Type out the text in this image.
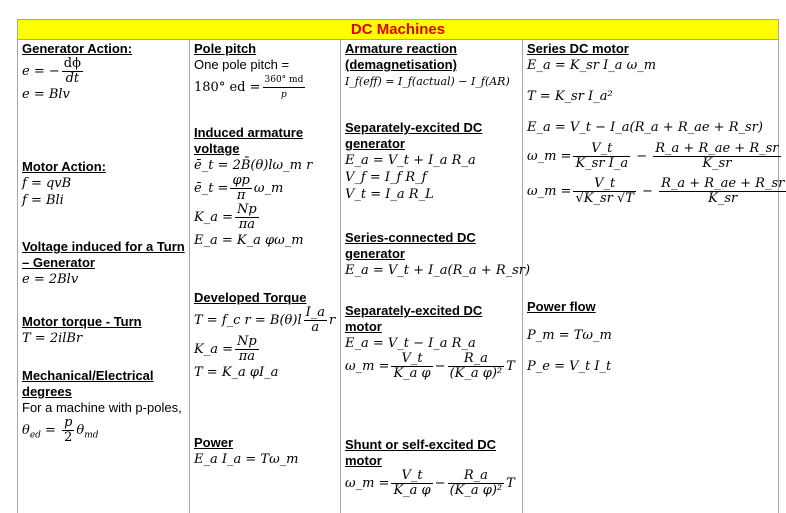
DC Machines
Generator Action:
e = − $\frac{d\phi}{dt}$
e = Blv
Motor Action:
f = qvB
f = Bli
Voltage induced for a Turn – Generator
e = 2Blv
Motor torque - Turn
T = 2ilBr
Mechanical/Electrical degrees
For a machine with p-poles,
$\theta_{ed} = \frac{p}{2} \theta_{md}$
Pole pitch
One pole pitch =
180° ed = $\frac{360^\circ md}{p}$
Induced armature voltage
ē_t = 2B̄(θ)lω_m r
ē_t = $\frac{\varphi p}{\pi}$ ω_m
K_a = $\frac{Np}{\pi a}$
E_a = K_a φω_m
Developed Torque
T = f_c $r = B(\theta)l \frac{I\_a}{a}$ r
K_a = $\frac{Np}{\pi a}$
T = K_a φI_a
Power
E_a I_a = Tω_m
Armature reaction (demagnetisation)
I_f(eff) = I_f(actual) − I_f(AR)
Separately-excited DC generator
E_a = V_t + I_a R_a
V_f = I_f R_f
V_t = I_a R_L
Series-connected DC generator
E_a = V_t + I_a(R_a + R_sr)
Separately-excited DC motor
E_a = V_t − I_a R_a
ω_m = $\frac{V\_t}{\text{K\_a φ}} - \frac{R\_a}{\text{(K\_a φ)²}}$ T
Shunt or self-excited DC motor
ω_m = $\frac{V\_t}{\text{K\_a φ}} - \frac{R\_a}{\text{(K\_a φ)²}}$ T
Series DC motor
E_a = K_sr I_a ω_m
T = K_sr I_a²
E_a = V_t − I_a(R_a + R_ae + R_sr)
ω_m = $\frac{V\_t}{\text{K\_sr I\_a}} - \frac{R\_a + R\_ae + R\_sr}{K\_sr}$
ω_m = $\frac{V\_t}{√K\_sr √T} - \frac{R\_a + R\_ae + R\_sr}{K\_sr}$
Power flow
P_m = Tω_m
P_e = V_t I_t
